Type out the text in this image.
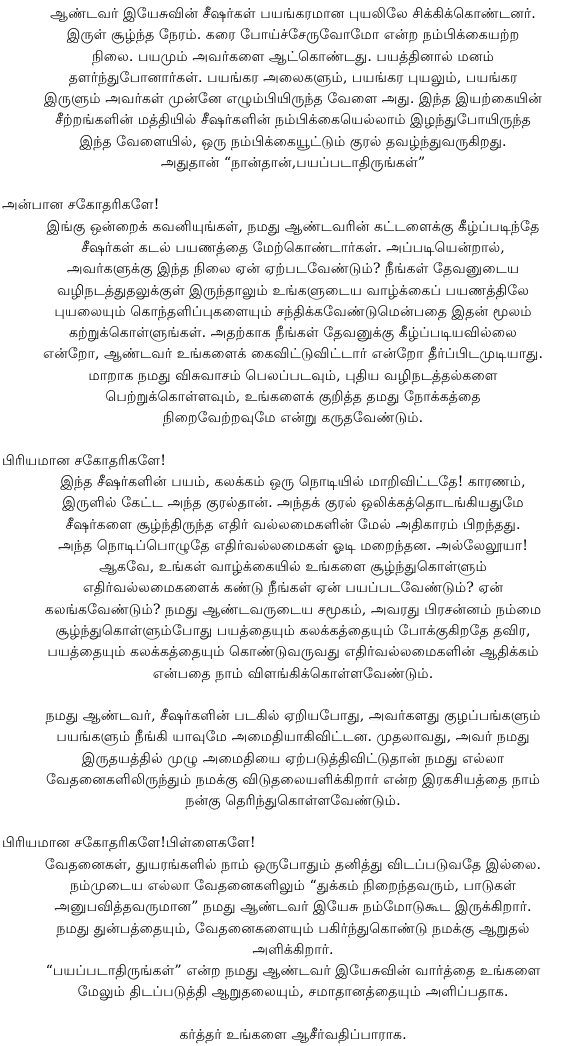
ஆண்டவர் இயேசுவின் சீஷர்கள் பயங்கரமான புயலிலே சிக்கிக்கொண்டனர்.
இருள் சூழ்ந்த நேரம். கரை போய்ச்சேருவோமோ என்ற நம்பிக்கையற்ற
நிலை. பயமும் அவர்களை ஆட்கொண்டது. பயத்தினால் மனம்
தளர்ந்துபோனார்கள். பயங்கர அலைகளும், பயங்கர புயலும், பயங்கர
இருளும் அவர்கள் முன்னே எழும்பியிருந்த வேளை அது. இந்த இயற்கையின்
சீற்றங்களின் மத்தியில் சீஷர்களின் நம்பிக்கையெல்லாம் இழந்துபோயிருந்த
இந்த வேளையில், ஒரு நம்பிக்கையூட்டும் குரல் தவழ்ந்துவருகிறது.
அதுதான் “நான்தான்,பயப்படாதிருங்கள்”
அன்பான சகோதரிகளே!
இங்கு ஒன்றைக் கவனியுங்கள், நமது ஆண்டவரின் கட்டளைக்கு கீழ்ப்படிந்தே
சீஷர்கள் கடல் பயணத்தை மேற்கொண்டார்கள். அப்படியென்றால்,
அவர்களுக்கு இந்த நிலை ஏன் ஏற்படவேண்டும்? நீங்கள் தேவனுடைய
வழிநடத்துதலுக்குள் இருந்தாலும் உங்களுடைய வாழ்க்கைப் பயணத்திலே
புயலையும் கொந்தளிப்புகளையும் சந்திக்கவேண்டுமென்பதை இதன் மூலம்
கற்றுக்கொள்ளுங்கள். அதற்காக நீங்கள் தேவனுக்கு கீழ்ப்படியவில்லை
என்றோ, ஆண்டவர் உங்களைக் கைவிட்டுவிட்டார் என்றோ தீர்ப்பிடமுடியாது.
மாறாக நமது விசுவாசம் பெலப்படவும், புதிய வழிநடத்தல்களை
பெற்றுக்கொள்ளவும், உங்களைக் குறித்த தமது நோக்கத்தை
நிறைவேற்றவுமே என்று கருதவேண்டும்.
பிரியமான சகோதரிகளே!
இந்த சீஷர்களின் பயம், கலக்கம் ஒரு நொடியில் மாறிவிட்டதே! காரணம்,
இருளில் கேட்ட அந்த குரல்தான். அந்தக் குரல் ஒலிக்கத்தொடங்கியதுமே
சீஷர்களை சூழ்ந்திருந்த எதிர் வல்லமைகளின் மேல் அதிகாரம் பிறந்தது.
அந்த நொடிப்பொழுதே எதிர்வல்லமைகள் ஓடி மறைந்தன. அல்லேலூயா!
ஆகவே, உங்கள் வாழ்க்கையில் உங்களை சூழ்ந்துகொள்ளும்
எதிர்வல்லமைகளைக் கண்டு நீங்கள் ஏன் பயப்படவேண்டும்? ஏன்
கலங்கவேண்டும்? நமது ஆண்டவருடைய சமூகம், அவரது பிரசன்னம் நம்மை
சூழ்ந்துகொள்ளும்போது பயத்தையும் கலக்கத்தையும் போக்குகிறதே தவிர,
பயத்தையும் கலக்கத்தையும் கொண்டுவருவது எதிர்வல்லமைகளின் ஆதிக்கம்
என்பதை நாம் விளங்கிக்கொள்ளவேண்டும்.
நமது ஆண்டவர், சீஷர்களின் படகில் ஏறியபோது, அவர்களது குழப்பங்களும்
பயங்களும் நீங்கி யாவுமே அமைதியாகிவிட்டன. முதலாவது, அவர் நமது
இருதயத்தில் முழு அமைதியை ஏற்படுத்திவிட்டுதான் நமது எல்லா
வேதனைகளிலிருந்தும் நமக்கு விடுதலையளிக்கிறார் என்ற இரகசியத்தை நாம்
நன்கு தெரிந்துகொள்ளவேண்டும்.
பிரியமான சகோதரிகளே!பிள்ளைகளே!
வேதனைகள், துயரங்களில் நாம் ஒருபோதும் தனித்து விடப்படுவதே இல்லை.
நம்முடைய எல்லா வேதனைகளிலும் “துக்கம் நிறைந்தவரும், பாடுகள்
அனுபவித்தவருமான” நமது ஆண்டவர் இயேசு நம்மோடுகூட இருக்கிறார்.
நமது துன்பத்தையும், வேதனைகளையும் பகிர்ந்துகொண்டு நமக்கு ஆறுதல்
அளிக்கிறார்.
“பயப்படாதிருங்கள்” என்ற நமது ஆண்டவர் இயேசுவின் வார்த்தை உங்களை
மேலும் திடப்படுத்தி ஆறுதலையும், சமாதானத்தையும் அளிப்பதாக.
கர்த்தர் உங்களை ஆசீர்வதிப்பாராக.
